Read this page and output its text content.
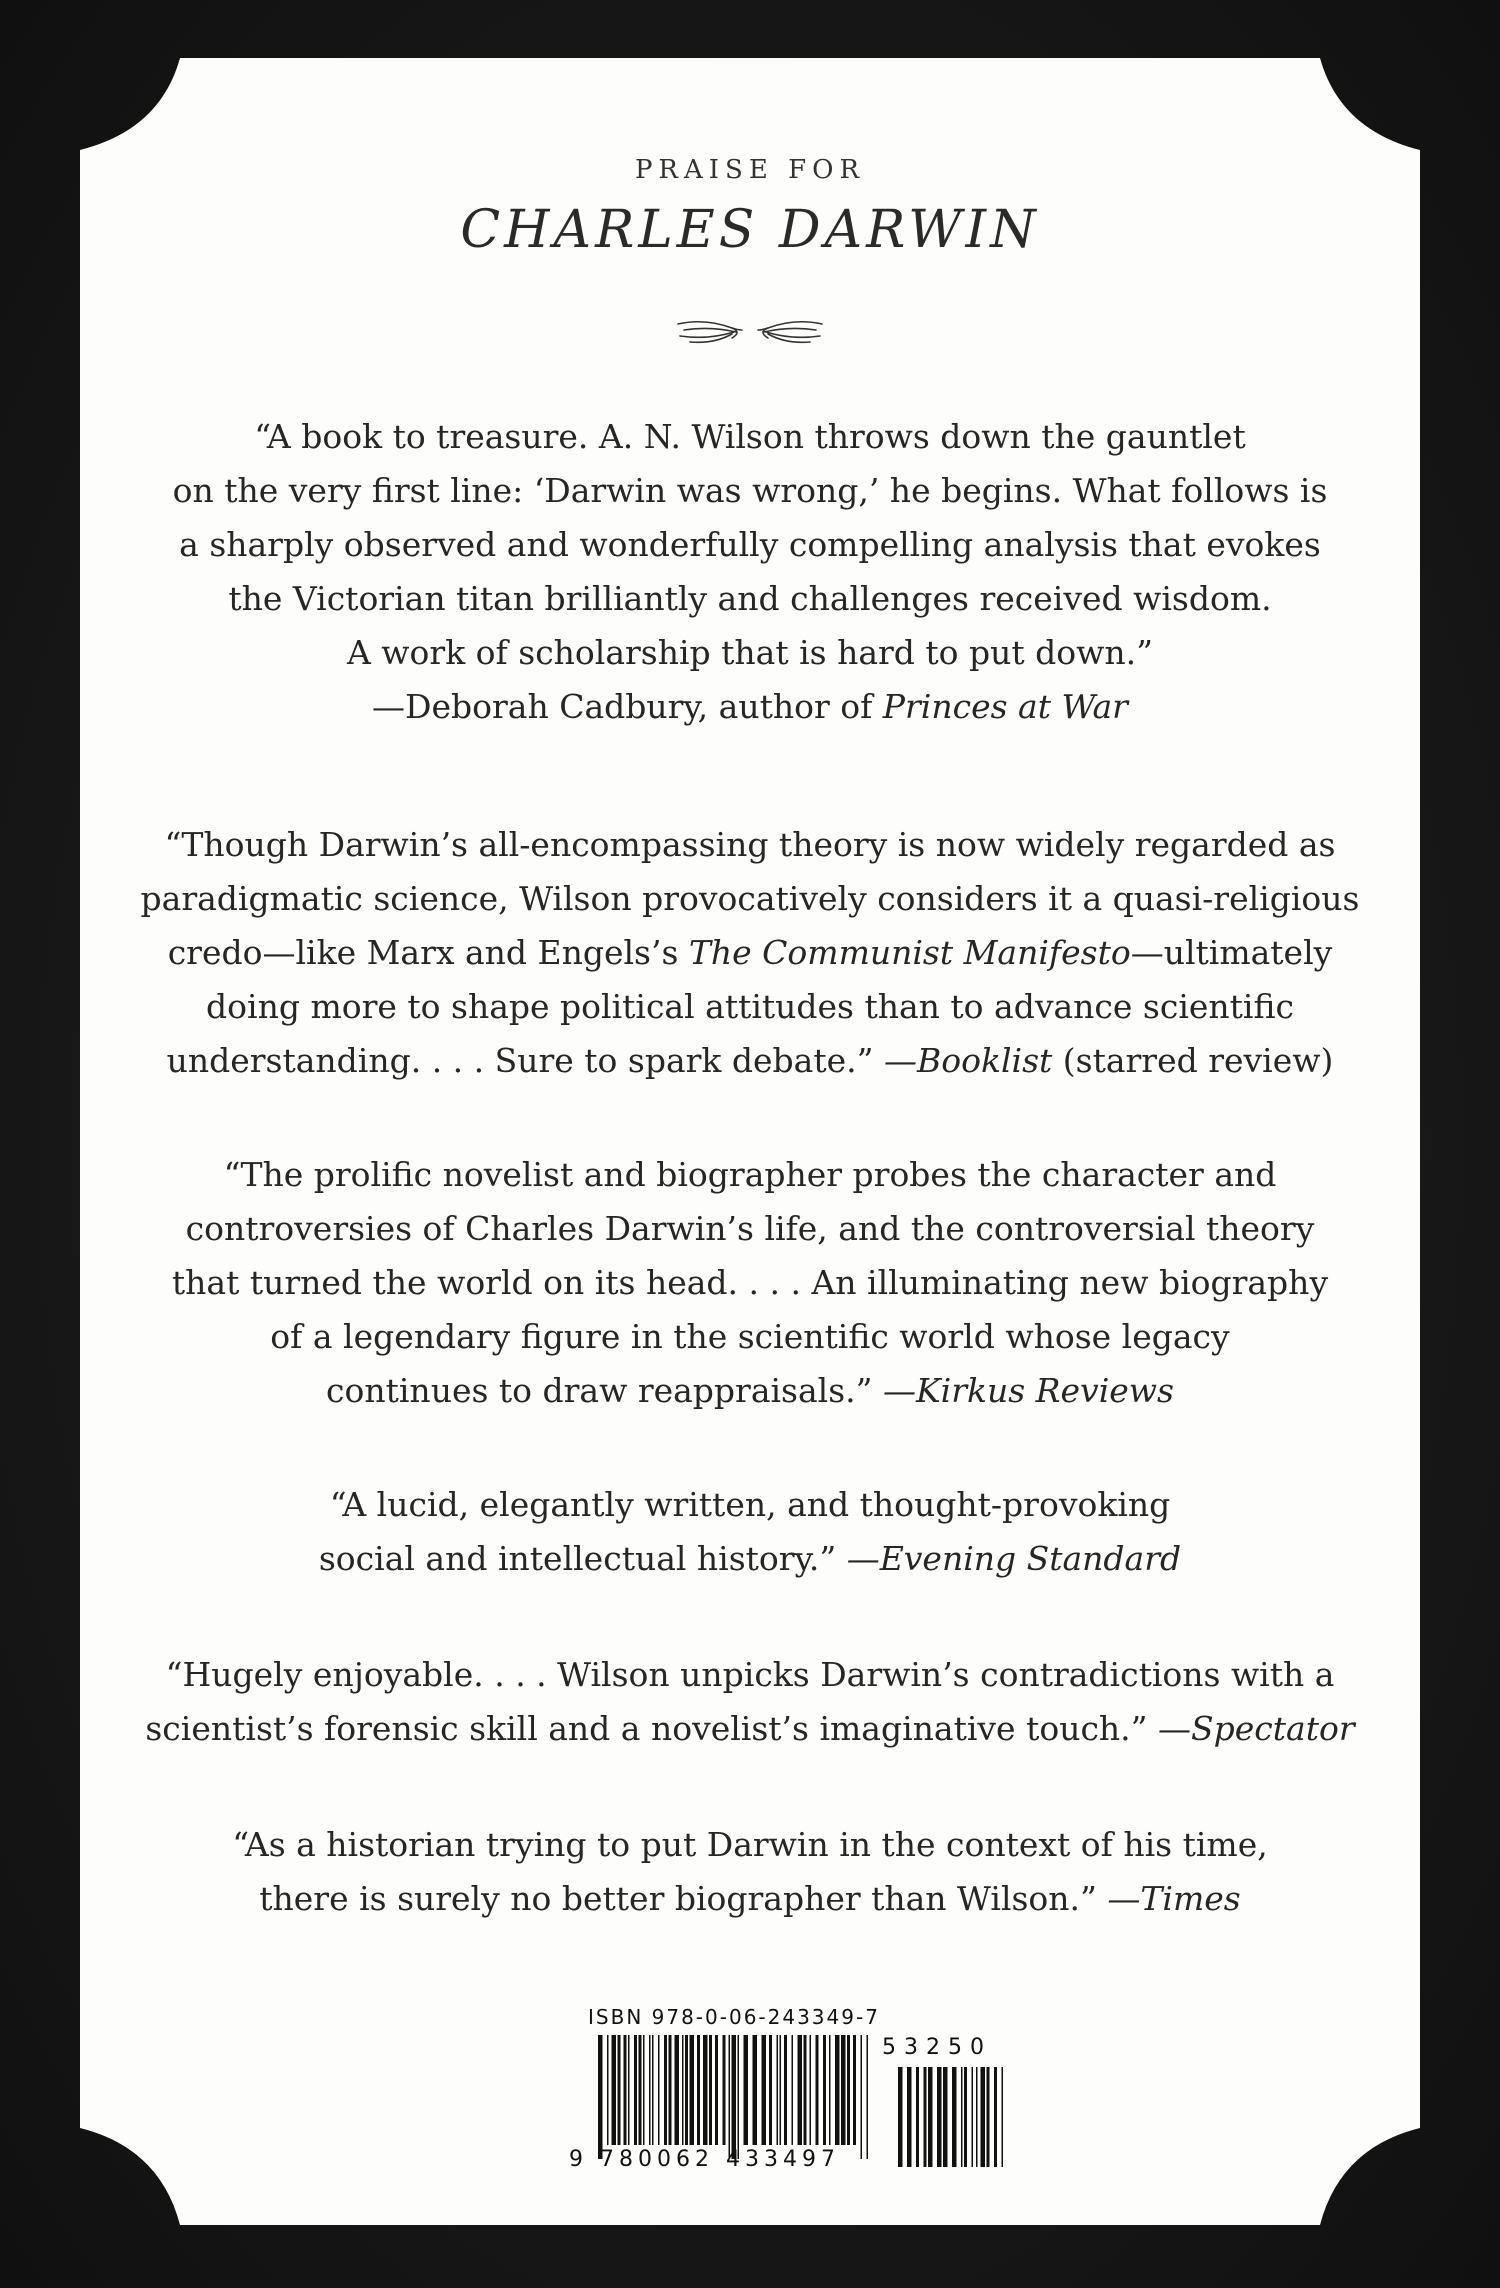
PRAISE FOR
CHARLES DARWIN

“A book to treasure. A. N. Wilson throws down the gauntlet

on the very first line: ‘Darwin was wrong,’ he begins. What follows is

a sharply observed and wonderfully compelling analysis that evokes

the Victorian titan brilliantly and challenges received wisdom.

A work of scholarship that is hard to put down.”

—Deborah Cadbury, author of Princes at War

“Though Darwin’s all-encompassing theory is now widely regarded as

paradigmatic science, Wilson provocatively considers it a quasi-religious

credo—like Marx and Engels’s The Communist Manifesto—ultimately

doing more to shape political attitudes than to advance scientific

understanding. . . . Sure to spark debate.” —Booklist (starred review)

“The prolific novelist and biographer probes the character and

controversies of Charles Darwin’s life, and the controversial theory

that turned the world on its head. . . . An illuminating new biography

of a legendary figure in the scientific world whose legacy

continues to draw reappraisals.” —Kirkus Reviews

“A lucid, elegantly written, and thought-provoking

social and intellectual history.” —Evening Standard

“Hugely enjoyable. . . . Wilson unpicks Darwin’s contradictions with a

scientist’s forensic skill and a novelist’s imaginative touch.” —Spectator

“As a historian trying to put Darwin in the context of his time,

there is surely no better biographer than Wilson.” —Times

ISBN 978-0-06-243349-7
53250
9 780062 433497
